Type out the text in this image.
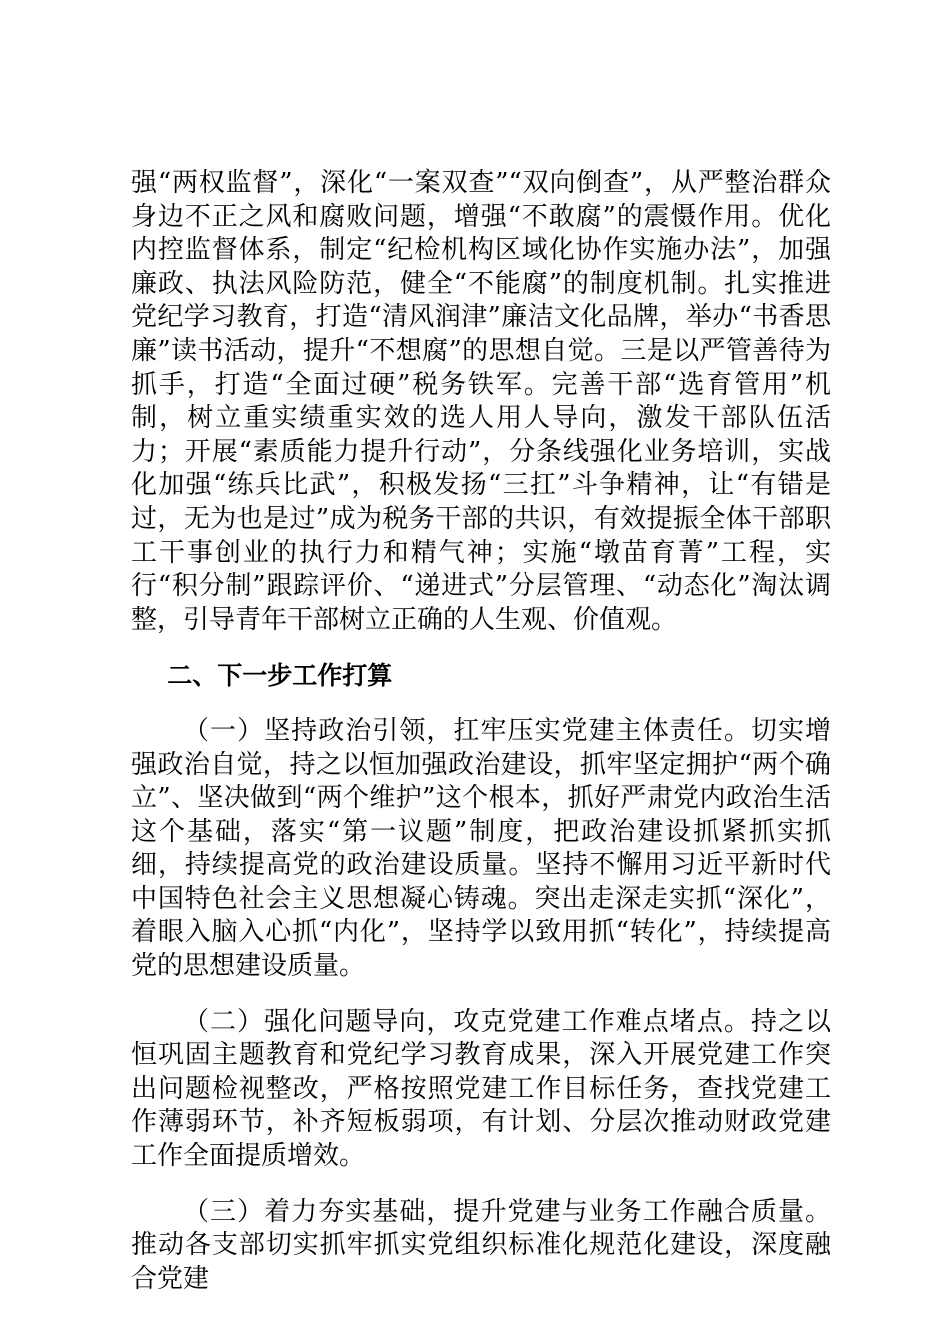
强“两权监督”，深化“一案双查”“双向倒查”，从严整治群众身边不正之风和腐败问题，增强“不敢腐”的震慑作用。优化内控监督体系，制定“纪检机构区域化协作实施办法”，加强廉政、执法风险防范，健全“不能腐”的制度机制。扎实推进党纪学习教育，打造“清风润津”廉洁文化品牌，举办“书香思廉”读书活动，提升“不想腐”的思想自觉。三是以严管善待为抓手，打造“全面过硬”税务铁军。完善干部“选育管用”机制，树立重实绩重实效的选人用人导向，激发干部队伍活力；开展“素质能力提升行动”，分条线强化业务培训，实战化加强“练兵比武”，积极发扬“三扛”斗争精神，让“有错是过，无为也是过”成为税务干部的共识，有效提振全体干部职工干事创业的执行力和精气神；实施“墩苗育菁”工程，实行“积分制”跟踪评价、“递进式”分层管理、“动态化”淘汰调整，引导青年干部树立正确的人生观、价值观。

二、下一步工作打算

（一）坚持政治引领，扛牢压实党建主体责任。切实增强政治自觉，持之以恒加强政治建设，抓牢坚定拥护“两个确立”、坚决做到“两个维护”这个根本，抓好严肃党内政治生活这个基础，落实“第一议题”制度，把政治建设抓紧抓实抓细，持续提高党的政治建设质量。坚持不懈用习近平新时代中国特色社会主义思想凝心铸魂。突出走深走实抓“深化”，着眼入脑入心抓“内化”，坚持学以致用抓“转化”，持续提高党的思想建设质量。

（二）强化问题导向，攻克党建工作难点堵点。持之以恒巩固主题教育和党纪学习教育成果，深入开展党建工作突出问题检视整改，严格按照党建工作目标任务，查找党建工作薄弱环节，补齐短板弱项，有计划、分层次推动财政党建工作全面提质增效。

（三）着力夯实基础，提升党建与业务工作融合质量。推动各支部切实抓牢抓实党组织标准化规范化建设，深度融合党建
